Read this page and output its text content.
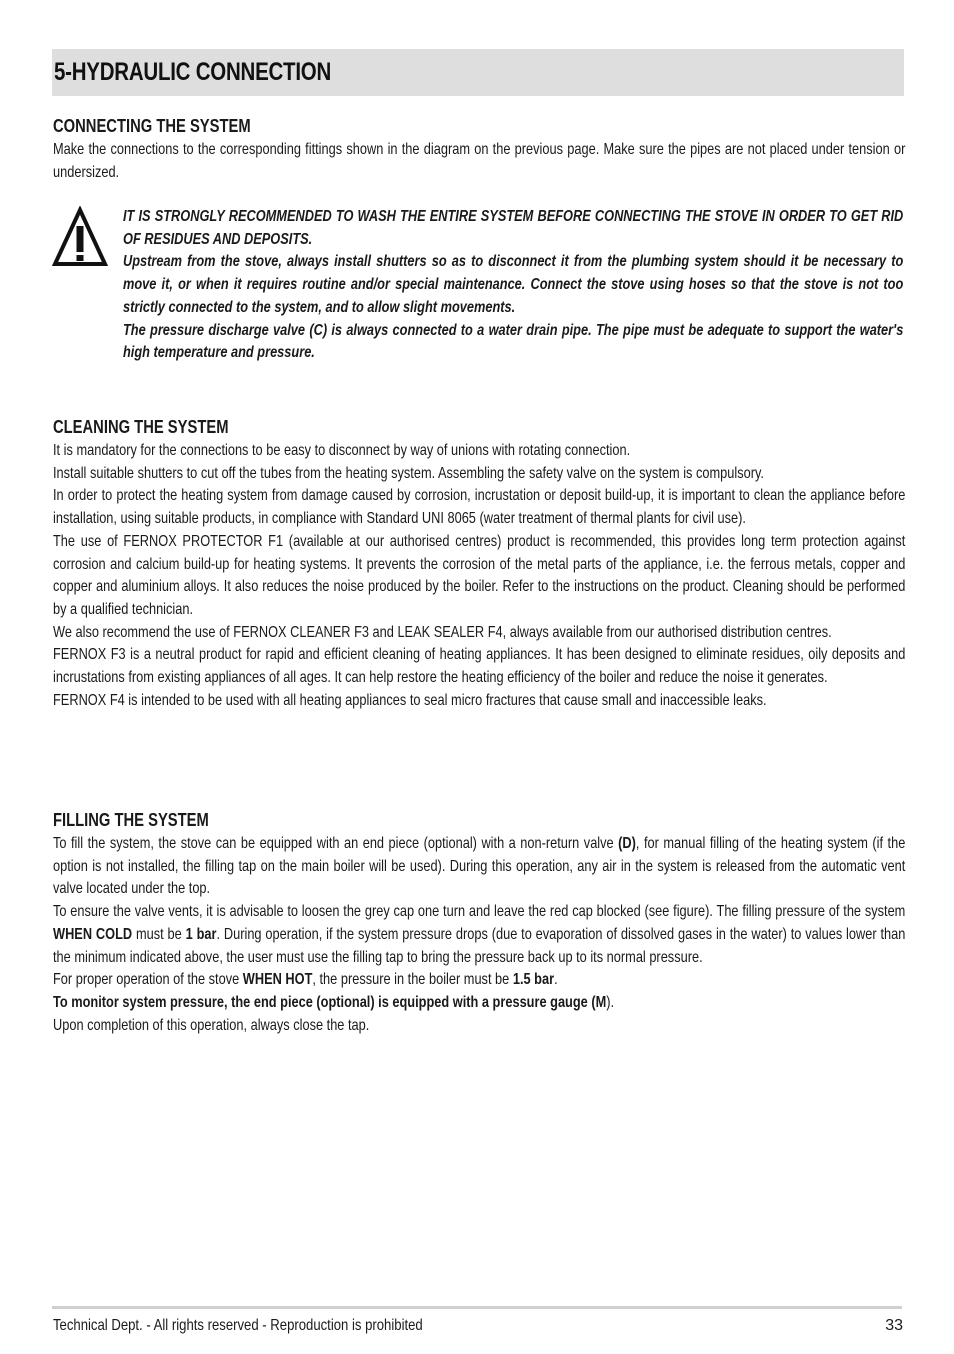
5-HYDRAULIC CONNECTION
CONNECTING THE SYSTEM
Make the connections to the corresponding fittings shown in the diagram on the previous page. Make sure the pipes are not placed under tension or undersized.

IT IS STRONGLY RECOMMENDED TO WASH THE ENTIRE SYSTEM BEFORE CONNECTING THE STOVE IN ORDER TO GET RID OF RESIDUES AND DEPOSITS.

Upstream from the stove, always install shutters so as to disconnect it from the plumbing system should it be necessary to move it, or when it requires routine and/or special maintenance. Connect the stove using hoses so that the stove is not too strictly connected to the system, and to allow slight movements.

The pressure discharge valve (C) is always connected to a water drain pipe. The pipe must be adequate to support the water's high temperature and pressure.

CLEANING THE SYSTEM

It is mandatory for the connections to be easy to disconnect by way of unions with rotating connection.

Install suitable shutters to cut off the tubes from the heating system. Assembling the safety valve on the system is compulsory.

In order to protect the heating system from damage caused by corrosion, incrustation or deposit build-up, it is important to clean the appliance before installation, using suitable products, in compliance with Standard UNI 8065 (water treatment of thermal plants for civil use).

The use of FERNOX PROTECTOR F1 (available at our authorised centres) product is recommended, this provides long term protection against corrosion and calcium build-up for heating systems. It prevents the corrosion of the metal parts of the appliance, i.e. the ferrous metals, copper and copper and aluminium alloys. It also reduces the noise produced by the boiler. Refer to the instructions on the product. Cleaning should be performed by a qualified technician.

We also recommend the use of FERNOX CLEANER F3 and LEAK SEALER F4, always available from our authorised distribution centres.

FERNOX F3 is a neutral product for rapid and efficient cleaning of heating appliances. It has been designed to eliminate residues, oily deposits and incrustations from existing appliances of all ages. It can help restore the heating efficiency of the boiler and reduce the noise it generates.

FERNOX F4 is intended to be used with all heating appliances to seal micro fractures that cause small and inaccessible leaks.

FILLING THE SYSTEM

To fill the system, the stove can be equipped with an end piece (optional) with a non-return valve (D), for manual filling of the heating system (if the option is not installed, the filling tap on the main boiler will be used). During this operation, any air in the system is released from the automatic vent valve located under the top.

To ensure the valve vents, it is advisable to loosen the grey cap one turn and leave the red cap blocked (see figure). The filling pressure of the system WHEN COLD must be 1 bar. During operation, if the system pressure drops (due to evaporation of dissolved gases in the water) to values lower than the minimum indicated above, the user must use the filling tap to bring the pressure back up to its normal pressure.

For proper operation of the stove WHEN HOT, the pressure in the boiler must be 1.5 bar.

To monitor system pressure, the end piece (optional) is equipped with a pressure gauge (M).

Upon completion of this operation, always close the tap.

Technical Dept. - All rights reserved - Reproduction is prohibited	33
